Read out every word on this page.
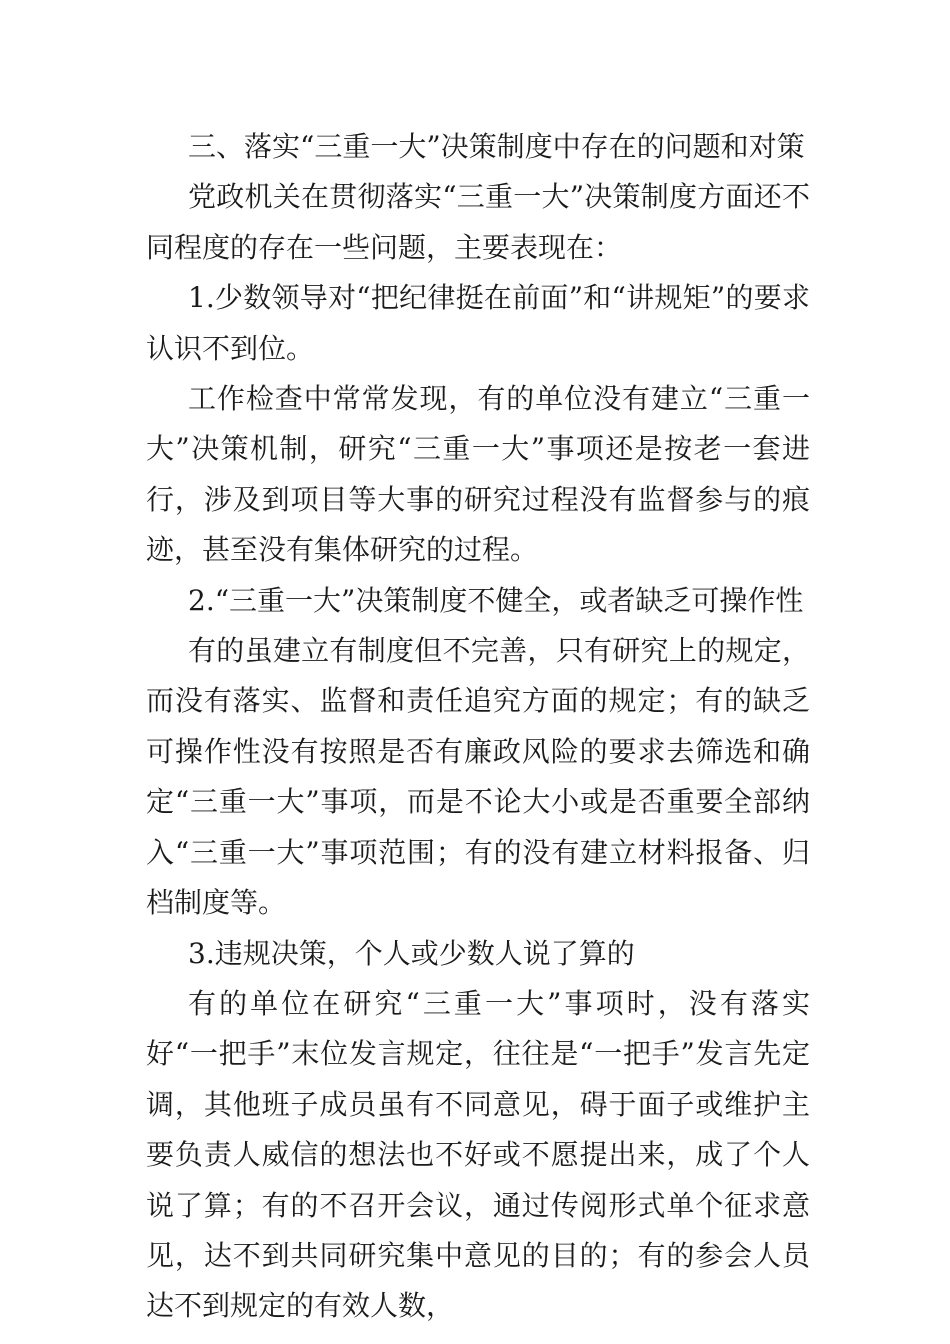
三、落实“三重一大”决策制度中存在的问题和对策

党政机关在贯彻落实“三重一大”决策制度方面还不同程度的存在一些问题，主要表现在：

1.少数领导对“把纪律挺在前面”和“讲规矩”的要求认识不到位。

工作检查中常常发现，有的单位没有建立“三重一大”决策机制，研究“三重一大”事项还是按老一套进行，涉及到项目等大事的研究过程没有监督参与的痕迹，甚至没有集体研究的过程。

2.“三重一大”决策制度不健全，或者缺乏可操作性

有的虽建立有制度但不完善，只有研究上的规定，而没有落实、监督和责任追究方面的规定；有的缺乏可操作性没有按照是否有廉政风险的要求去筛选和确定“三重一大”事项，而是不论大小或是否重要全部纳入“三重一大”事项范围；有的没有建立材料报备、归档制度等。

3.违规决策，个人或少数人说了算的

有的单位在研究“三重一大”事项时，没有落实好“一把手”末位发言规定，往往是“一把手”发言先定调，其他班子成员虽有不同意见，碍于面子或维护主要负责人威信的想法也不好或不愿提出来，成了个人说了算；有的不召开会议，通过传阅形式单个征求意见，达不到共同研究集中意见的目的；有的参会人员达不到规定的有效人数，
